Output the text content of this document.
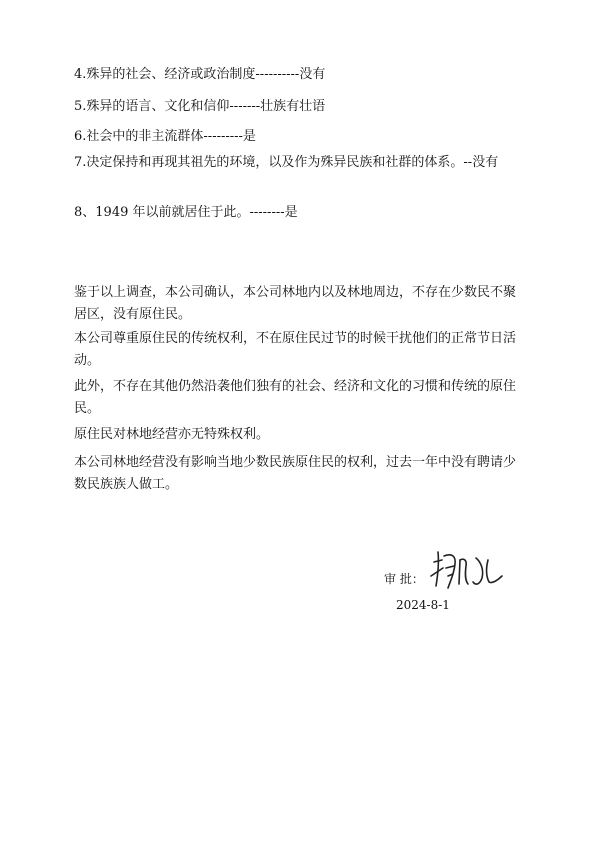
4.殊异的社会、经济或政治制度----------没有
5.殊异的语言、文化和信仰-------壮族有壮语
6.社会中的非主流群体---------是
7.决定保持和再现其祖先的环境，以及作为殊异民族和社群的体系。--没有
8、1949 年以前就居住于此。--------是
鉴于以上调查，本公司确认，本公司林地内以及林地周边，不存在少数民不聚居区，没有原住民。
本公司尊重原住民的传统权利，不在原住民过节的时候干扰他们的正常节日活动。
此外，不存在其他仍然沿袭他们独有的社会、经济和文化的习惯和传统的原住民。
原住民对林地经营亦无特殊权利。
本公司林地经营没有影响当地少数民族原住民的权利，过去一年中没有聘请少数民族族人做工。
审 批：
2024-8-1
